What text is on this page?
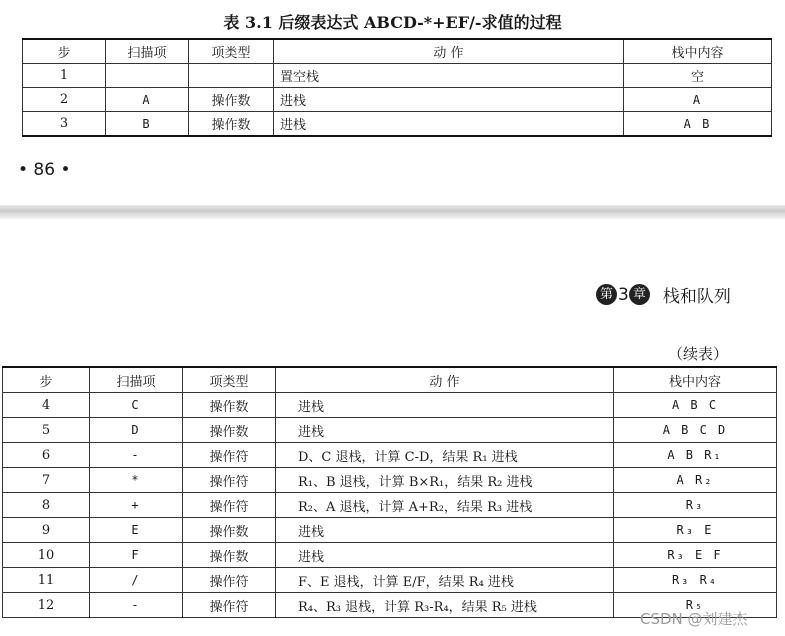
表 3.1 后缀表达式 ABCD-*+EF/-求值的过程
步	扫描项	项类型	动 作	栈中内容
1			置空栈	空
2	A	操作数	进栈	A
3	B	操作数	进栈	A B
• 86 •
第 3 章 栈和队列
（续表）
步	扫描项	项类型	动 作	栈中内容
4	C	操作数	进栈	A B C
5	D	操作数	进栈	A B C D
6	-	操作符	D、C 退栈，计算 C-D，结果 R₁ 进栈	A B R₁
7	*	操作符	R₁、B 退栈，计算 B×R₁，结果 R₂ 进栈	A R₂
8	+	操作符	R₂、A 退栈，计算 A+R₂，结果 R₃ 进栈	R₃
9	E	操作数	进栈	R₃ E
10	F	操作数	进栈	R₃ E F
11	/	操作符	F、E 退栈，计算 E/F，结果 R₄ 进栈	R₃ R₄
12	-	操作符	R₄、R₃ 退栈，计算 R₃-R₄，结果 R₅ 进栈	R₅
CSDN @刘建杰
